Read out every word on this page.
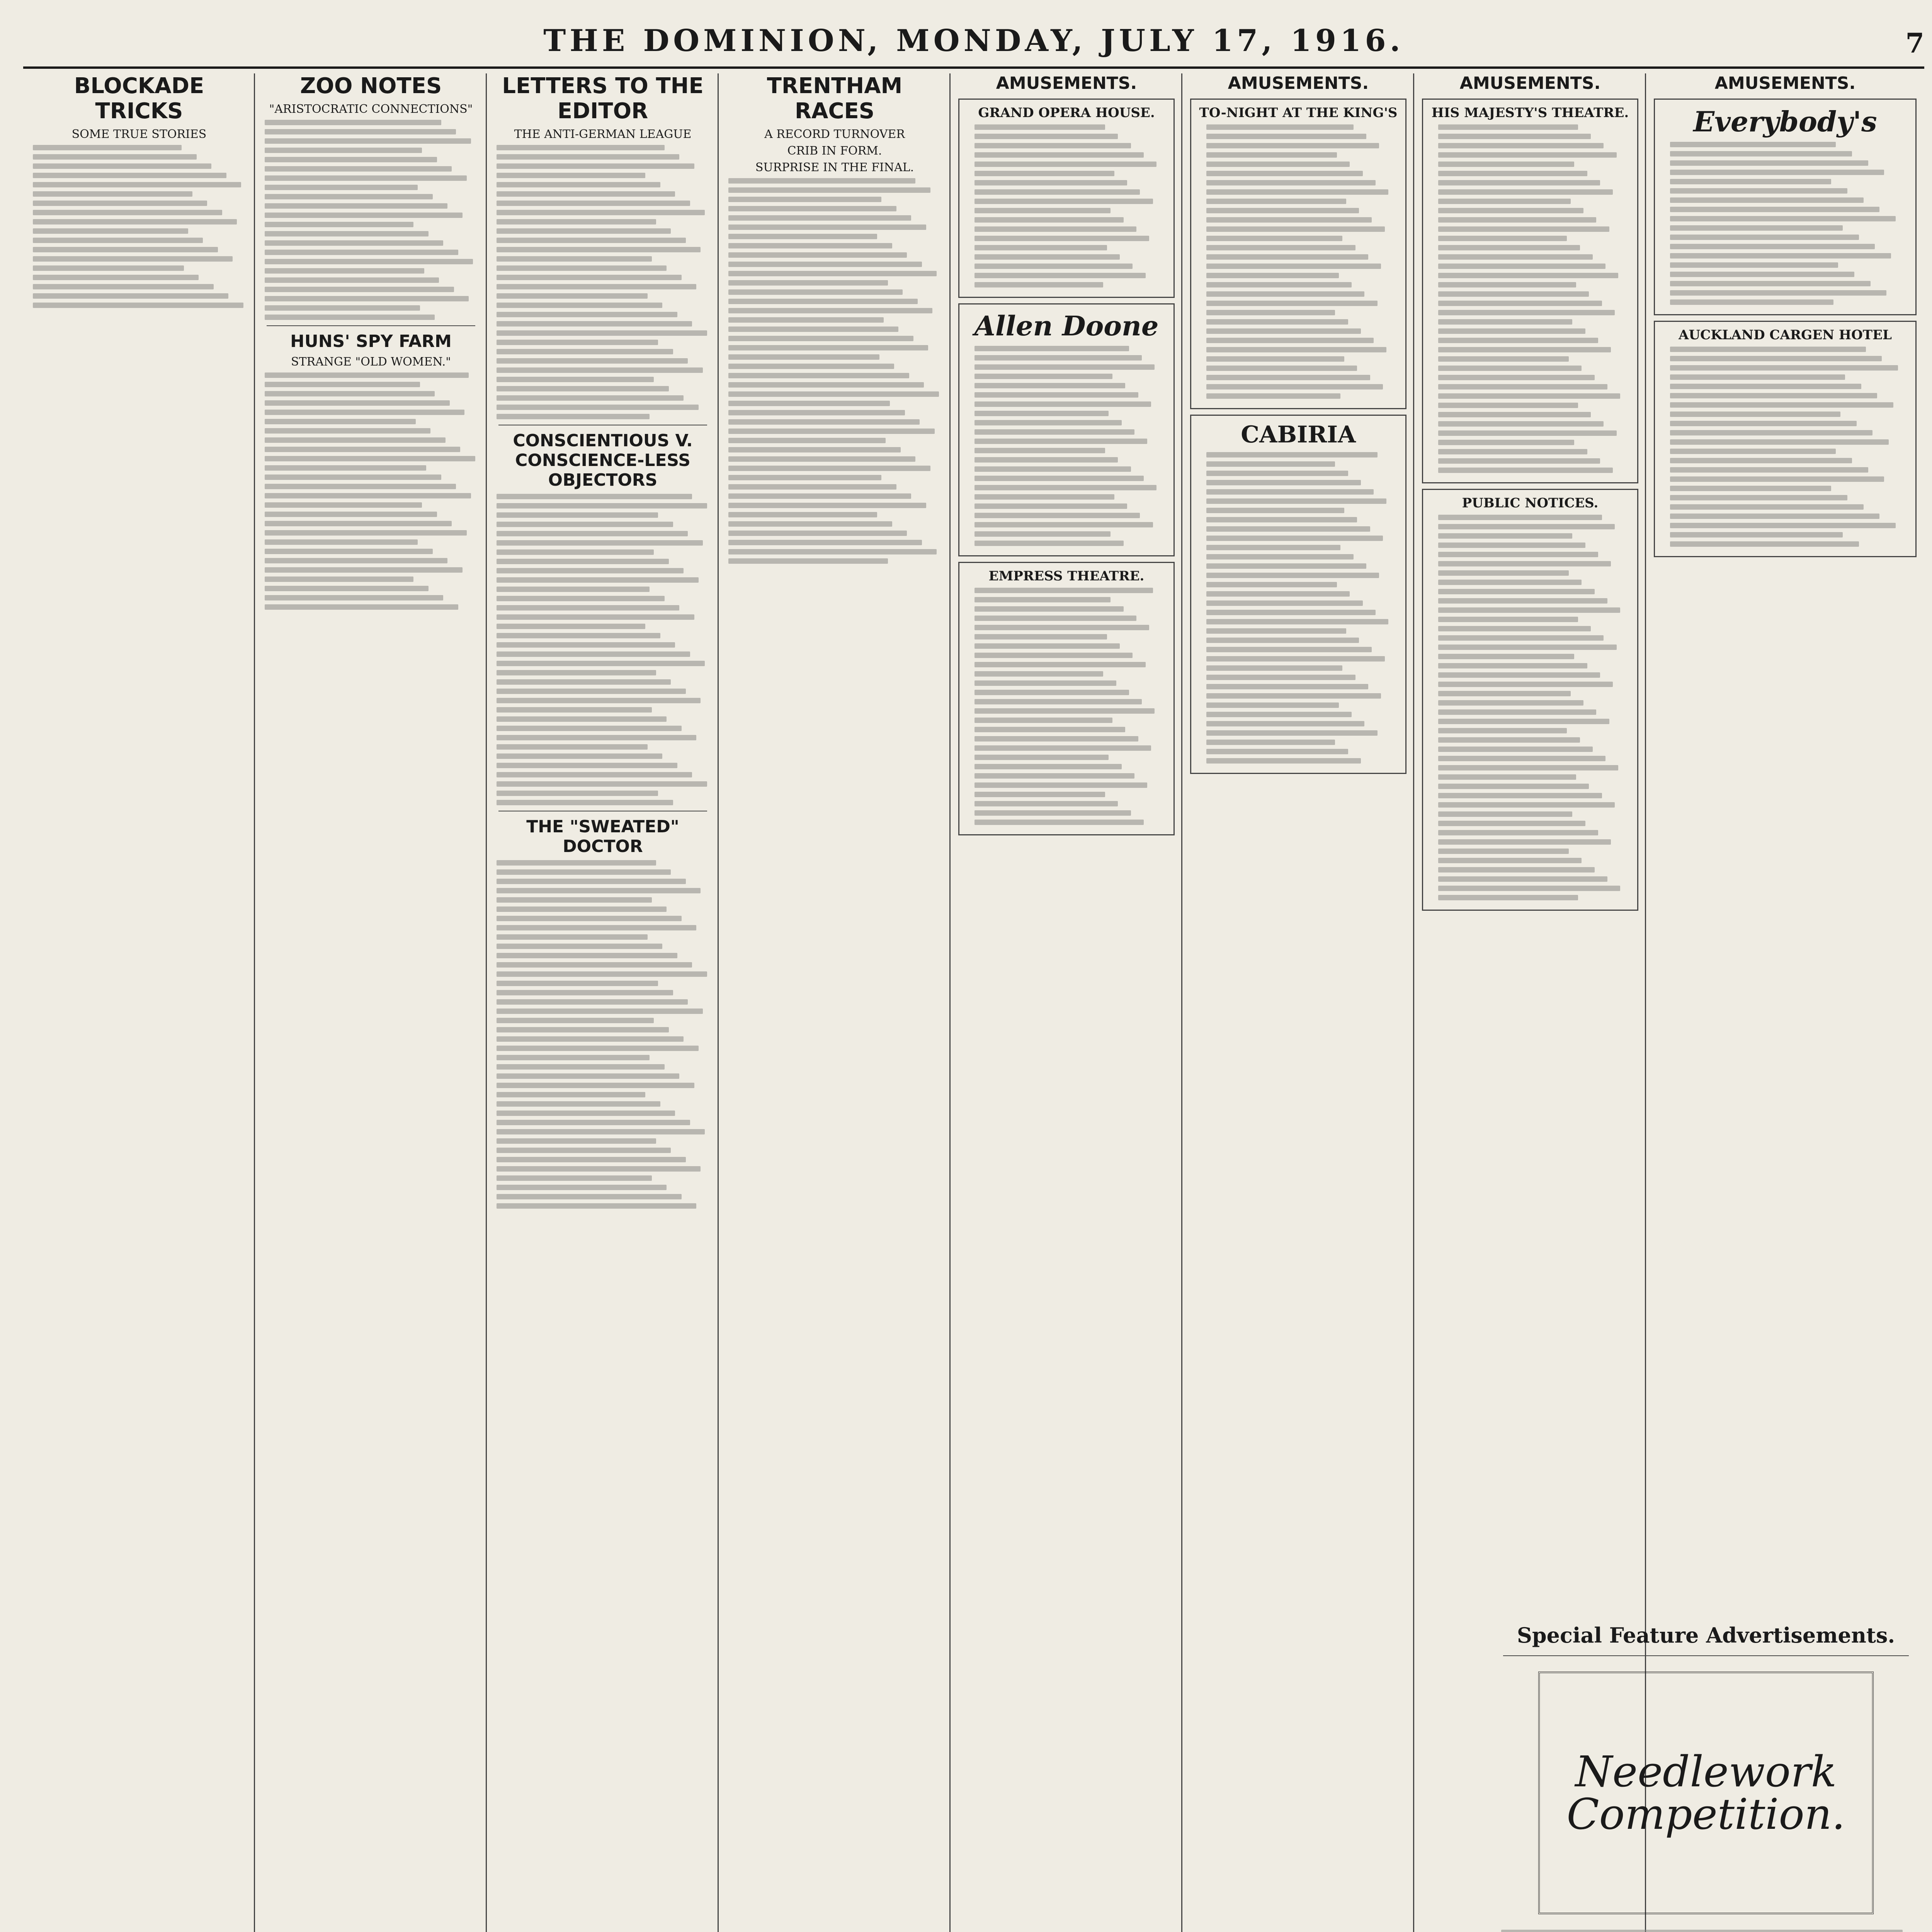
THE DOMINION, MONDAY, JULY 17, 1916.	7
BLOCKADE TRICKS
SOME TRUE STORIES
ZOO NOTES
"ARISTOCRATIC CONNECTIONS"
HUNS' SPY FARM
STRANGE "OLD WOMEN."
LETTERS TO THE EDITOR
THE ANTI-GERMAN LEAGUE
CONSCIENTIOUS V. CONSCIENCE-LESS OBJECTORS
THE "SWEATED" DOCTOR
TRENTHAM RACES
A RECORD TURNOVER
CRIB IN FORM.
SURPRISE IN THE FINAL.
AMUSEMENTS.
GRAND OPERA HOUSE.
Allen Doone
EMPRESS THEATRE.
AMUSEMENTS.
TO-NIGHT AT THE KING'S
CABIRIA
AMUSEMENTS.
HIS MAJESTY'S THEATRE.
PUBLIC NOTICES.
AMUSEMENTS.
Everybody's
AUCKLAND CARGEN HOTEL
Special Feature Advertisements.
Needlework Competition.
